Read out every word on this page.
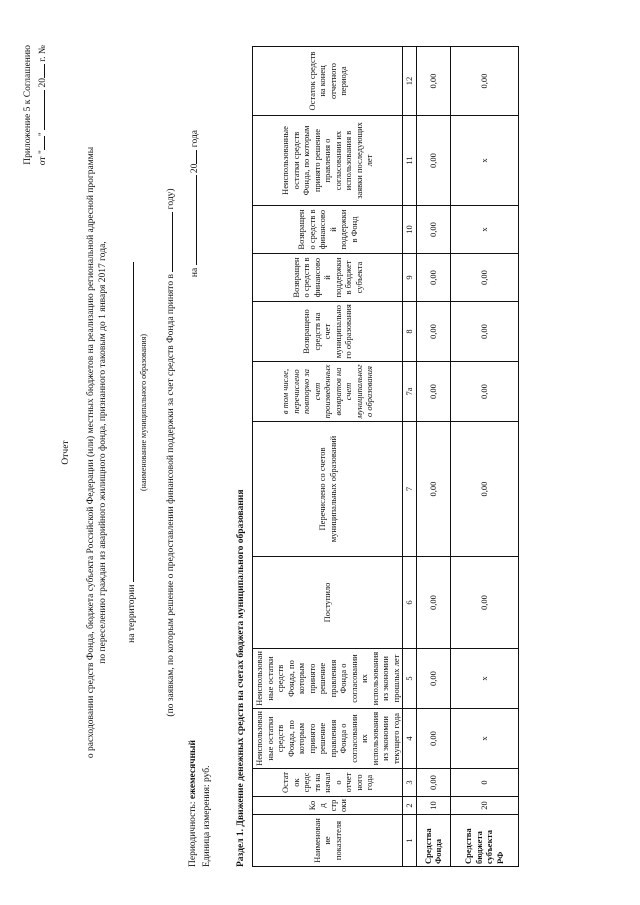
Приложение 5 к Соглашению от ""  20 г. №
Отчет о расходовании средств Фонда, бюджета субъекта Российской Федерации (или) местных бюджетов на реализацию региональной адресной программы по переселению граждан из аварийного жилищного фонда, признанного таковым до 1 января 2017 года,	на территории
(наименование муниципального образования)	(по заявкам, по которым решение о предоставлении финансовой поддержки за счет средств Фонда принято в  году)
на  20 года
Периодичность: ежемесячный Единица измерения: руб.	Раздел 1. Движение денежных средств на счетах бюджета муниципального образования	Наименование показателя	Код строки	Остаток средств на начало отчетного года	Неиспользованные остатки средств Фонда, по которым принято решение правления Фонда о согласовании их использования из экономии текущего года	Неиспользованные остатки средств Фонда, по которым принято решение правления Фонда о согласовании их использования из экономии прошлых лет	Поступило	Перечислено со счетов муниципальных образований	в том числе, перечислено повторно за счет произведенных возвратов на счет муниципального образования	Возвращено средств на счет муниципального образования	Возвращено средств в финансовой поддержки в бюджет субъекта	Возвращено средств в финансовой поддержки в Фонд	Неиспользованные остатки средств Фонда, по которым принято решение правления о согласовании их использования в заявки последующих лет	Остаток средств на конец отчетного периода

1	2	3	4	5	6	7	7а	8	9	10	11	12
Средства Фонда	10	0,00	0,00	0,00	0,00	0,00	0,00	0,00	0,00	0,00	0,00	0,00
Средства бюджета субъекта РФ	20	0	x	x	0,00	0,00	0,00	0,00	0,00	x	x	0,00
